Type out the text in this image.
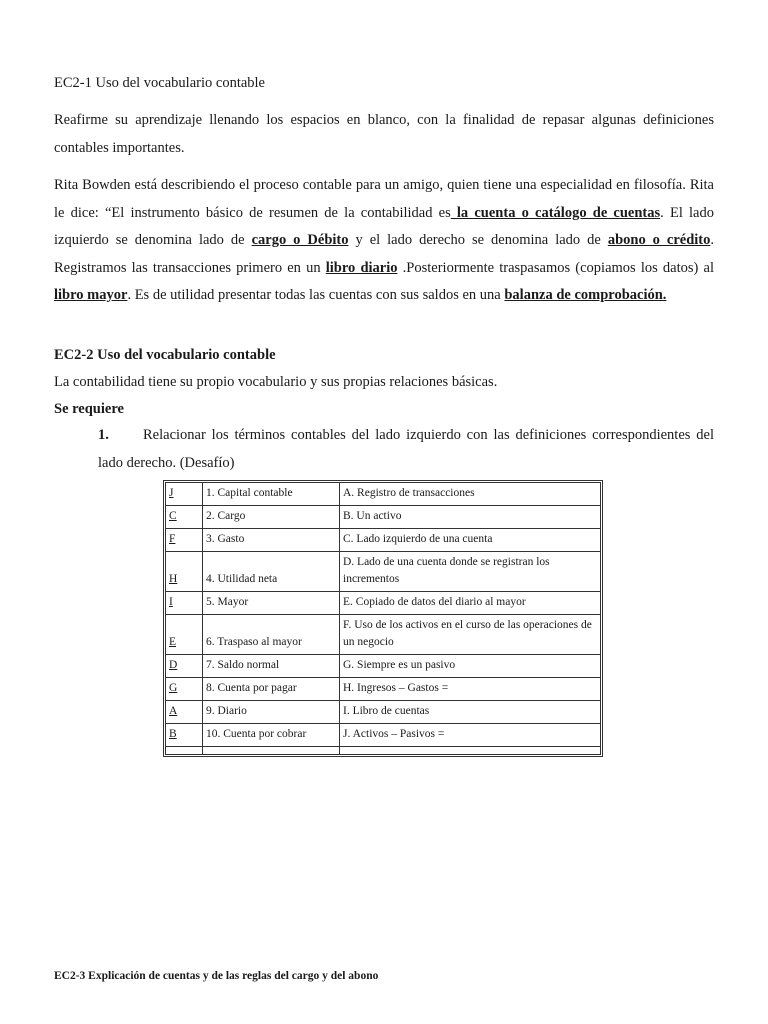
EC2-1 Uso del vocabulario contable

Reafirme su aprendizaje llenando los espacios en blanco, con la finalidad de repasar algunas definiciones contables importantes.

Rita Bowden está describiendo el proceso contable para un amigo, quien tiene una especialidad en filosofía. Rita le dice: “El instrumento básico de resumen de la contabilidad es la cuenta o catálogo de cuentas. El lado izquierdo se denomina lado de cargo o Débito y el lado derecho se denomina lado de abono o crédito. Registramos las transacciones primero en un libro diario .Posteriormente traspasamos (copiamos los datos) al libro mayor. Es de utilidad presentar todas las cuentas con sus saldos en una balanza de comprobación.

EC2-2 Uso del vocabulario contable

La contabilidad tiene su propio vocabulario y sus propias relaciones básicas.

Se requiere

1.	Relacionar los términos contables del lado izquierdo con las definiciones correspondientes del lado derecho. (Desafío)

J	1. Capital contable	A. Registro de transacciones
C	2. Cargo	B. Un activo
F	3. Gasto	C. Lado izquierdo de una cuenta
H	4. Utilidad neta	D. Lado de una cuenta donde se registran los incrementos
I	5. Mayor	E. Copiado de datos del diario al mayor
E	6. Traspaso al mayor	F. Uso de los activos en el curso de las operaciones de un negocio
D	7. Saldo normal	G. Siempre es un pasivo
G	8. Cuenta por pagar	H. Ingresos – Gastos =
A	9. Diario	I. Libro de cuentas
B	10. Cuenta por cobrar	J. Activos – Pasivos =

EC2-3 Explicación de cuentas y de las reglas del cargo y del abono
